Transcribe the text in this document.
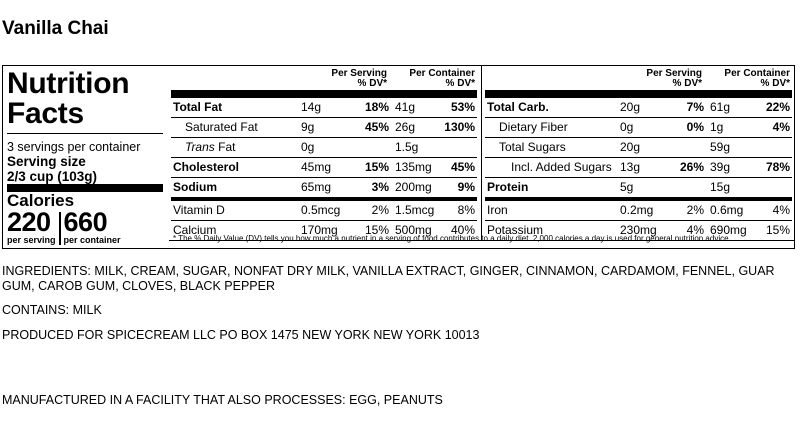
Vanilla Chai
Nutrition
Facts
3 servings per container
Serving size
2/3 cup (103g)
Calories
220
per serving
660
per container
Per Serving
% DV*
Per Container
% DV*
Total Fat	14g	18% 41g	53%
Saturated Fat	9g	45% 26g 130%
Trans Fat	0g	1.5g
Cholesterol	45mg	15% 135mg 45%
Sodium	65mg	3% 200mg 9%
Vitamin D	0.5mcg	2% 1.5mcg 8%
Calcium	170mg 15% 500mg 40%
Per Serving
% DV*
Per Container
% DV*
Total Carb.	20g	7% 61g	22%
Dietary Fiber	0g	0% 1g	4%
Total Sugars	20g	59g
Incl. Added Sugars 13g	26% 39g	78%
Protein	5g	15g
Iron	0.2mg	2% 0.6mg 4%
Potassium	230mg 4% 690mg 15%
* The % Daily Value (DV) tells you how much a nutrient in a serving of food contributes to a daily diet. 2,000 calories a day is used for general nutrition advice.
INGREDIENTS: MILK, CREAM, SUGAR, NONFAT DRY MILK, VANILLA EXTRACT, GINGER, CINNAMON, CARDAMOM, FENNEL, GUAR GUM, CAROB GUM, CLOVES, BLACK PEPPER
CONTAINS: MILK
PRODUCED FOR SPICECREAM LLC PO BOX 1475 NEW YORK NEW YORK 10013
MANUFACTURED IN A FACILITY THAT ALSO PROCESSES: EGG, PEANUTS
